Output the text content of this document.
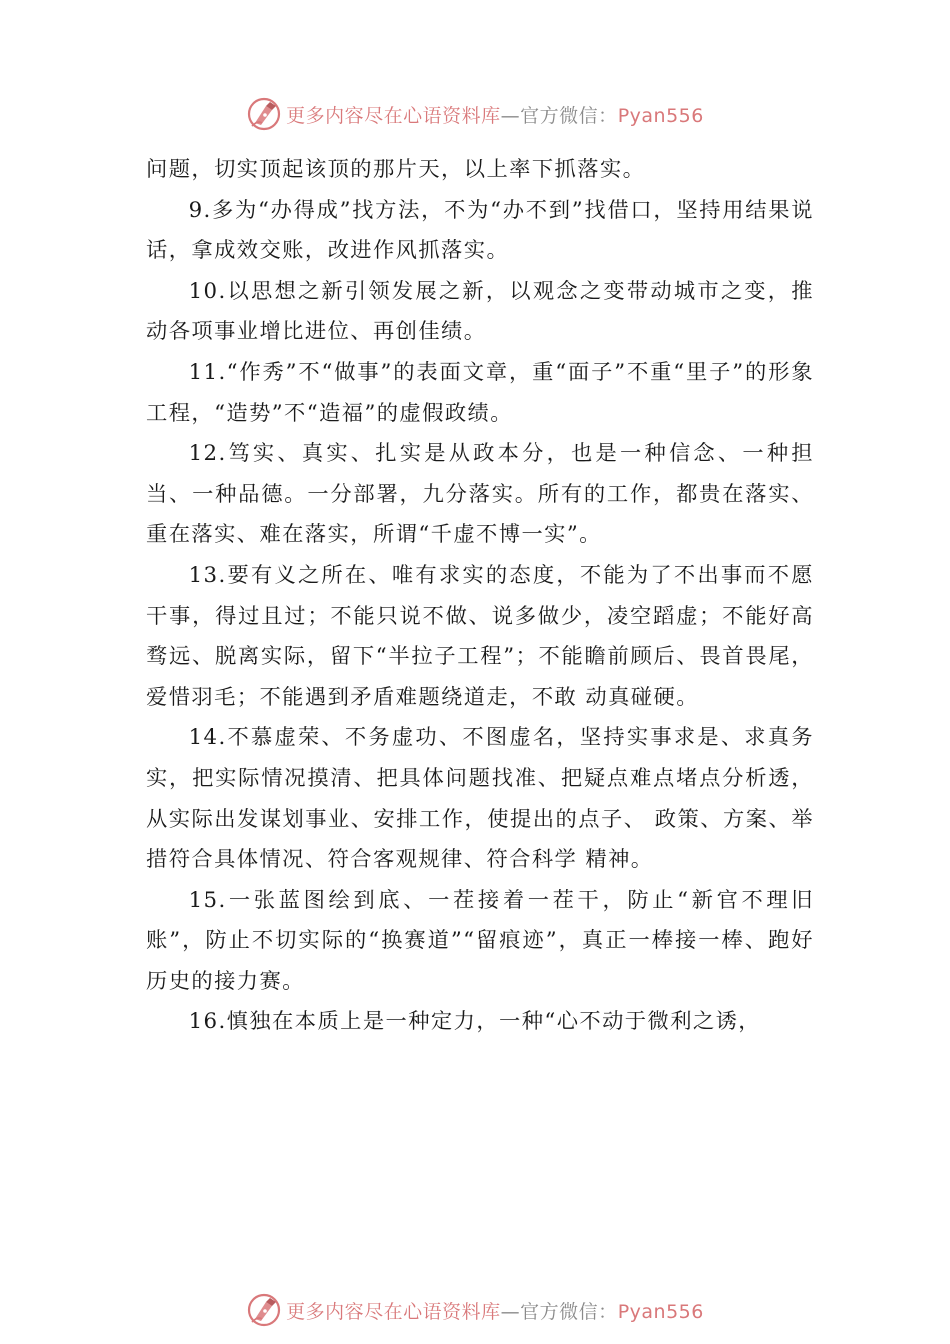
更多内容尽在心语资料库—官方微信：Pyan556

问题，切实顶起该顶的那片天，以上率下抓落实。

9.多为“办得成”找方法，不为“办不到”找借口，坚持用结果说话，拿成效交账，改进作风抓落实。

10.以思想之新引领发展之新，以观念之变带动城市之变，推动各项事业增比进位、再创佳绩。

11.“作秀”不“做事”的表面文章，重“面子”不重“里子”的形象工程，“造势”不“造福”的虚假政绩。

12.笃实、真实、扎实是从政本分，也是一种信念、一种担当、一种品德。一分部署，九分落实。所有的工作，都贵在落实、重在落实、难在落实，所谓“千虚不博一实”。

13.要有义之所在、唯有求实的态度，不能为了不出事而不愿干事，得过且过；不能只说不做、说多做少，凌空蹈虚；不能好高骛远、脱离实际，留下“半拉子工程”；不能瞻前顾后、畏首畏尾，爱惜羽毛；不能遇到矛盾难题绕道走，不敢 动真碰硬。

14.不慕虚荣、不务虚功、不图虚名，坚持实事求是、求真务实，把实际情况摸清、把具体问题找准、把疑点难点堵点分析透，从实际出发谋划事业、安排工作，使提出的点子、 政策、方案、举措符合具体情况、符合客观规律、符合科学 精神。

15.一张蓝图绘到底、一茬接着一茬干，防止“新官不理旧账”，防止不切实际的“换赛道”“留痕迹”，真正一棒接一棒、跑好历史的接力赛。

16.慎独在本质上是一种定力，一种“心不动于微利之诱，

更多内容尽在心语资料库—官方微信：Pyan556
